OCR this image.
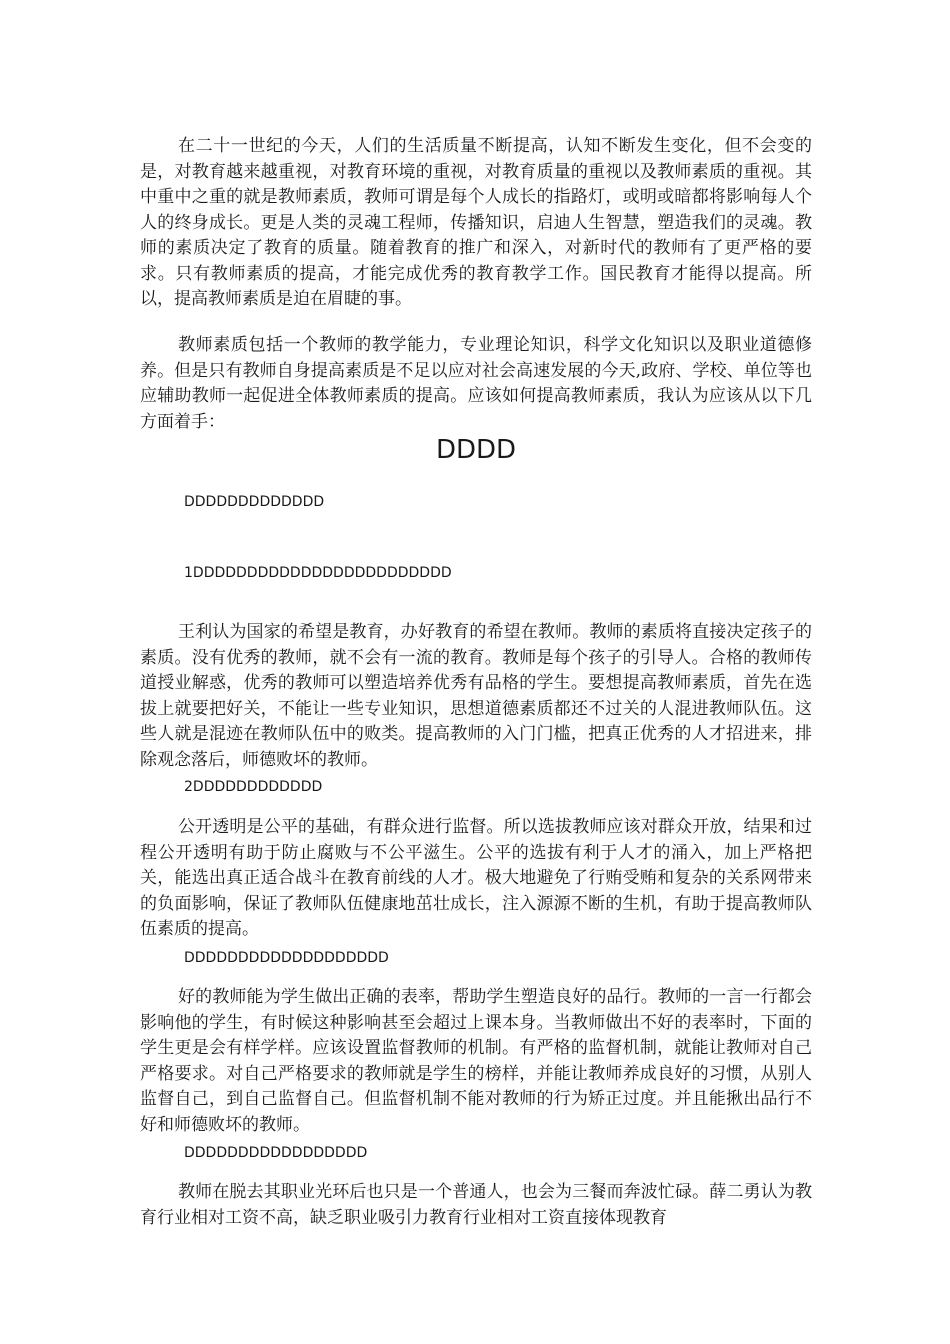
在二十一世纪的今天，人们的生活质量不断提高，认知不断发生变化，但不会变的是，对教育越来越重视，对教育环境的重视，对教育质量的重视以及教师素质的重视。其中重中之重的就是教师素质，教师可谓是每个人成长的指路灯，或明或暗都将影响每人个人的终身成长。更是人类的灵魂工程师，传播知识，启迪人生智慧，塑造我们的灵魂。教师的素质决定了教育的质量。随着教育的推广和深入，对新时代的教师有了更严格的要求。只有教师素质的提高，才能完成优秀的教育教学工作。国民教育才能得以提高。所以，提高教师素质是迫在眉睫的事。

教师素质包括一个教师的教学能力，专业理论知识，科学文化知识以及职业道德修养。但是只有教师自身提高素质是不足以应对社会高速发展的今天,政府、学校、单位等也应辅助教师一起促进全体教师素质的提高。应该如何提高教师素质，我认为应该从以下几方面着手：

DDDD
DDDDDDDDDDDDD
1DDDDDDDDDDDDDDDDDDDDDDDD

王利认为国家的希望是教育，办好教育的希望在教师。教师的素质将直接决定孩子的素质。没有优秀的教师，就不会有一流的教育。教师是每个孩子的引导人。合格的教师传道授业解惑，优秀的教师可以塑造培养优秀有品格的学生。要想提高教师素质，首先在选拔上就要把好关，不能让一些专业知识，思想道德素质都还不过关的人混进教师队伍。这些人就是混迹在教师队伍中的败类。提高教师的入门门槛，把真正优秀的人才招进来，排除观念落后，师德败坏的教师。

2DDDDDDDDDDDD

公开透明是公平的基础，有群众进行监督。所以选拔教师应该对群众开放，结果和过程公开透明有助于防止腐败与不公平滋生。公平的选拔有利于人才的涌入，加上严格把关，能选出真正适合战斗在教育前线的人才。极大地避免了行贿受贿和复杂的关系网带来的负面影响，保证了教师队伍健康地茁壮成长，注入源源不断的生机，有助于提高教师队伍素质的提高。

DDDDDDDDDDDDDDDDDDD

好的教师能为学生做出正确的表率，帮助学生塑造良好的品行。教师的一言一行都会影响他的学生，有时候这种影响甚至会超过上课本身。当教师做出不好的表率时，下面的学生更是会有样学样。应该设置监督教师的机制。有严格的监督机制，就能让教师对自己严格要求。对自己严格要求的教师就是学生的榜样，并能让教师养成良好的习惯，从别人监督自己，到自己监督自己。但监督机制不能对教师的行为矫正过度。并且能揪出品行不好和师德败坏的教师。

DDDDDDDDDDDDDDDDD

教师在脱去其职业光环后也只是一个普通人，也会为三餐而奔波忙碌。薛二勇认为教育行业相对工资不高，缺乏职业吸引力教育行业相对工资直接体现教育
